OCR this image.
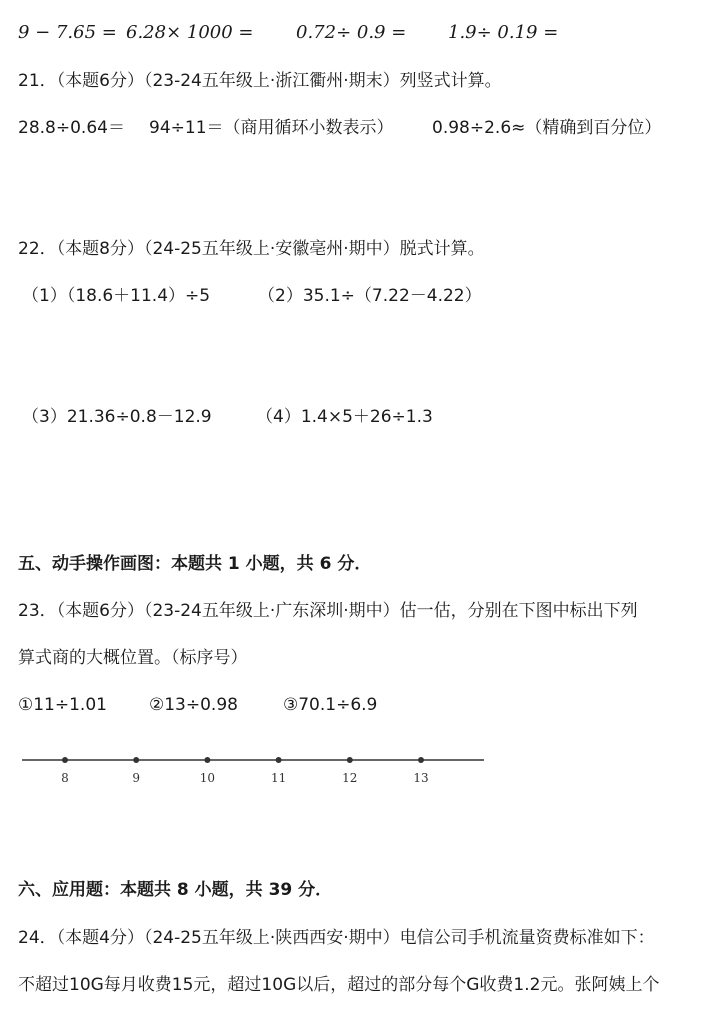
9 − 7.65 = 6.28× 1000 = 0.72÷ 0.9 = 1.9÷ 0.19 =
21．（本题6分）（23-24五年级上·浙江衢州·期末）列竖式计算。
28.8÷0.64＝ 94÷11＝（商用循环小数表示） 0.98÷2.6≈（精确到百分位）
22．（本题8分）（24-25五年级上·安徽亳州·期中）脱式计算。
（1）（18.6＋11.4）÷5	（2）35.1÷（7.22－4.22）
（3）21.36÷0.8－12.9	（4）1.4×5＋26÷1.3
五、动手操作画图：本题共 1 小题，共 6 分．
23．（本题6分）（23-24五年级上·广东深圳·期中）估一估，分别在下图中标出下列
算式商的大概位置。（标序号）
①11÷1.01 ②13÷0.98	③70.1÷6.9
8	9	10	11	12	13
六、应用题：本题共 8 小题，共 39 分．
24．（本题4分）（24-25五年级上·陕西西安·期中）电信公司手机流量资费标准如下：
不超过10G每月收费15元，超过10G以后，超过的部分每个G收费1.2元。张阿姨上个
